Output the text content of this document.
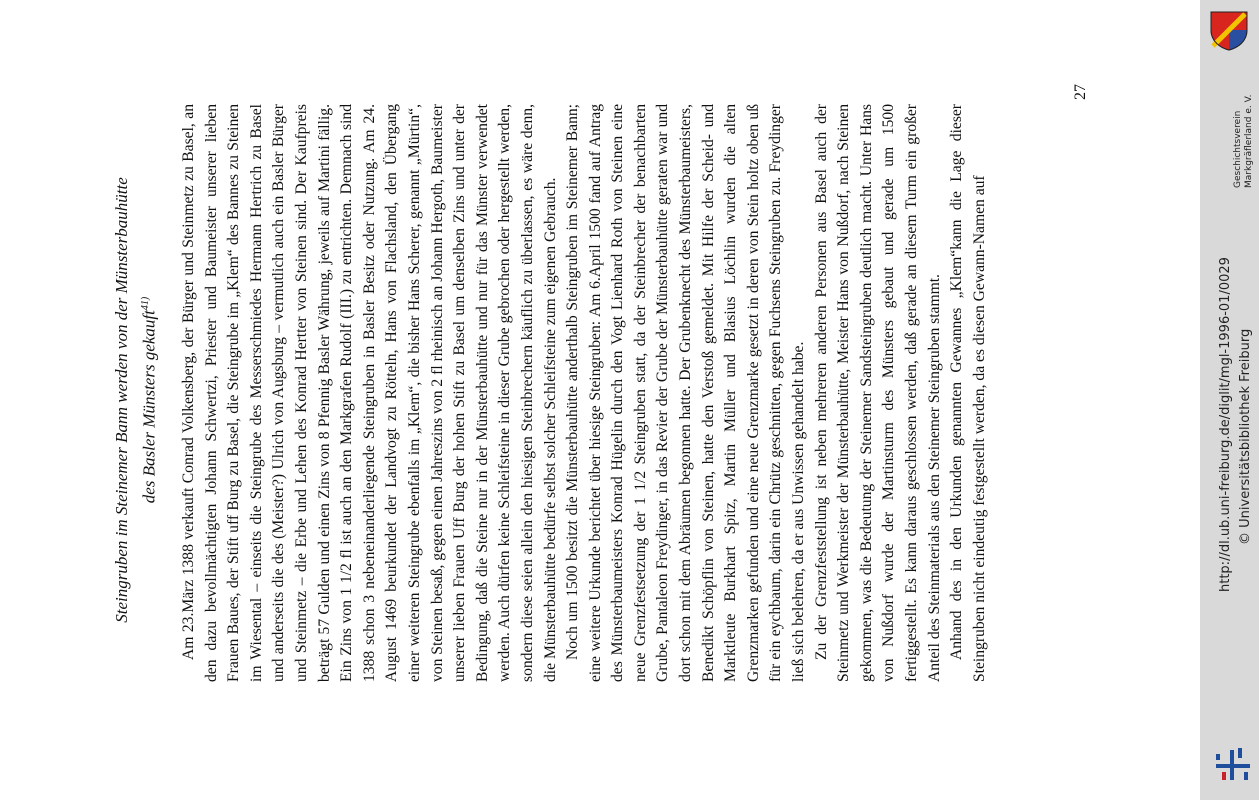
Steingruben im Steinemer Bann werden von der Münsterbauhütte des Basler Münsters gekauft$^{41)}$	Am 23.März 1388 verkauft Conrad Volkensberg, der Bürger und Steinmetz zu Basel, an den dazu bevollmächtigten Johann Schwertzi, Priester und Baumeister unserer lieben Frauen Baues, der Stift uff Burg zu Basel, die Steingrube im „Klem“ des Bannes zu Steinen im Wiesental – einseits die Steingrube des Messerschmiedes Hermann Hertrich zu Basel und anderseits die des (Meister?) Ulrich von Augsburg – vermutlich auch ein Basler Bürger und Steinmetz – die Erbe und Lehen des Konrad Hertter von Steinen sind. Der Kaufpreis beträgt 57 Gulden und einen Zins von 8 Pfennig Basler Währung, jeweils auf Martini fällig. Ein Zins von 1 1/2 fl ist auch an den Markgrafen Rudolf (III.) zu entrichten. Demnach sind 1388 schon 3 nebeneinanderliegende Steingruben in Basler Besitz oder Nutzung. Am 24. August 1469 beurkundet der Landvogt zu Rötteln, Hans von Flachsland, den Übergang einer weiteren Steingrube ebenfalls im „Klem“, die bisher Hans Scherer, genannt „Mürtin“, von Steinen besaß, gegen einen Jahreszins von 2 fl rheinisch an Johann Hergoth, Baumeister unserer lieben Frauen Uff Burg der hohen Stift zu Basel um denselben Zins und unter der Bedingung, daß die Steine nur in der Münsterbauhütte und nur für das Münster verwendet werden. Auch dürfen keine Schleifsteine in dieser Grube gebrochen oder hergestellt werden, sondern diese seien allein den hiesigen Steinbrechern käuflich zu überlassen, es wäre denn, die Münsterbauhütte bedürfe selbst solcher Schleifsteine zum eigenen Gebrauch. Noch um 1500 besitzt die Münsterbauhütte anderthalb Steingruben im Steinemer Bann; eine weitere Urkunde berichtet über hiesige Steingruben: Am 6.April 1500 fand auf Antrag des Münsterbaumeisters Konrad Hügelin durch den Vogt Lienhard Roth von Steinen eine neue Grenzfestsetzung der 1 1/2 Steingruben statt, da der Steinbrecher der benachbarten Grube, Pantaleon Freydinger, in das Revier der Grube der Münsterbauhütte geraten war und dort schon mit dem Abräumen begonnen hatte. Der Grubenknecht des Münsterbaumeisters, Benedikt Schöpflin von Steinen, hatte den Verstoß gemeldet. Mit Hilfe der Scheid- und Marktleute Burkhart Spitz, Martin Müller und Blasius Löchlin wurden die alten Grenzmarken gefunden und eine neue Grenzmarke gesetzt in deren von Stein holtz oben uß für ein eychbaum, darin ein Chrütz geschnitten, gegen Fuchsens Steingruben zu. Freydinger ließ sich belehren, da er aus Unwissen gehandelt habe. Zu der Grenzfeststellung ist neben mehreren anderen Personen aus Basel auch der Steinmetz und Werkmeister der Münsterbauhütte, Meister Hans von Nußdorf, nach Steinen gekommen, was die Bedeutung der Steinemer Sandsteingruben deutlich macht. Unter Hans von Nußdorf wurde der Martinsturm des Münsters gebaut und gerade um 1500 fertiggestellt. Es kann daraus geschlossen werden, daß gerade an diesem Turm ein großer Anteil des Steinmaterials aus den Steinemer Steingruben stammt. Anhand des in den Urkunden genannten Gewannes „Klem“kann die Lage dieser Steingruben nicht eindeutig festgestellt werden, da es diesen Gewann-Namen auf

27
Geschichtsverein Markgräflerland e. V.
http://dl.ub.uni-freiburg.de/diglit/mgl-1996-01/0029 © Universitätsbibliothek Freiburg
